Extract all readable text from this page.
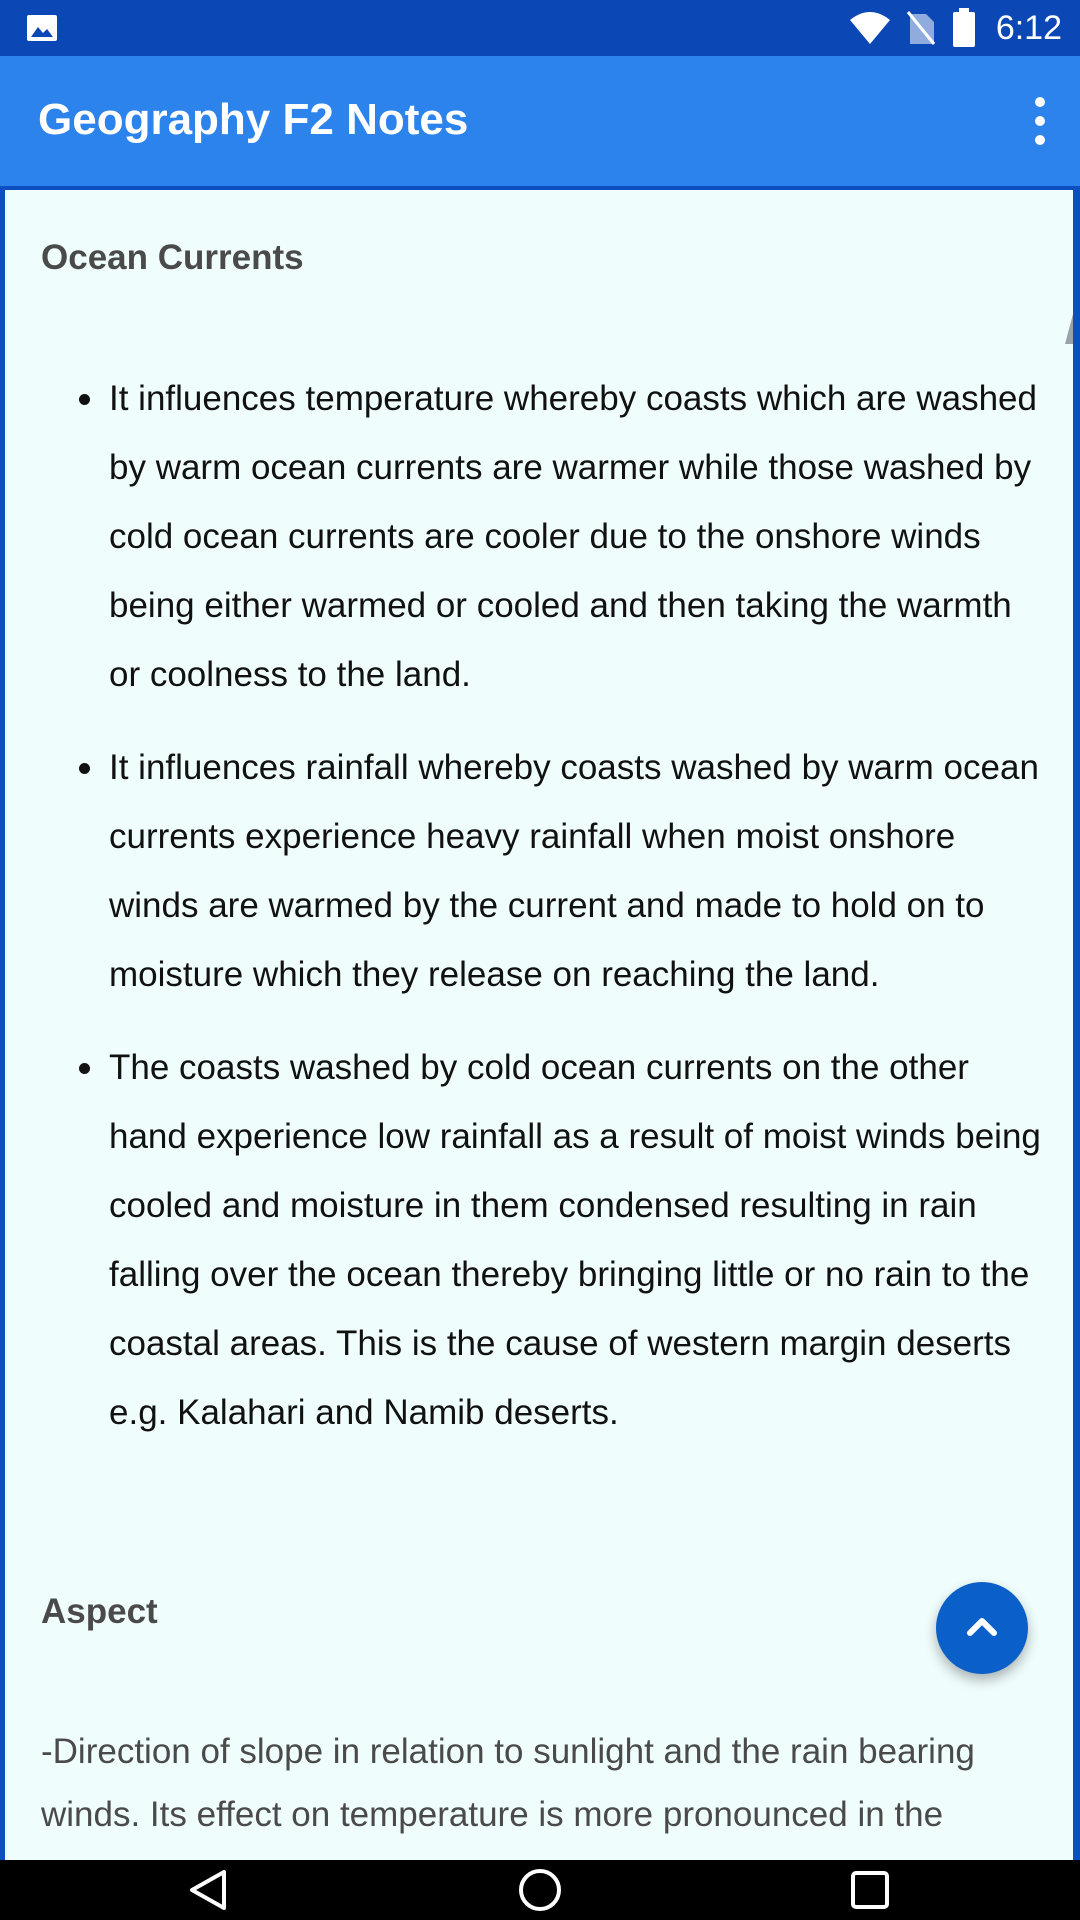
6:12
Geography F2 Notes
Ocean Currents
It influences temperature whereby coasts which are washed by warm ocean currents are warmer while those washed by cold ocean currents are cooler due to the onshore winds being either warmed or cooled and then taking the warmth or coolness to the land.
It influences rainfall whereby coasts washed by warm ocean currents experience heavy rainfall when moist onshore winds are warmed by the current and made to hold on to moisture which they release on reaching the land.
The coasts washed by cold ocean currents on the other hand experience low rainfall as a result of moist winds being cooled and moisture in them condensed resulting in rain falling over the ocean thereby bringing little or no rain to the coastal areas. This is the cause of western margin deserts e.g. Kalahari and Namib deserts.
Aspect

-Direction of slope in relation to sunlight and the rain bearing winds. Its effect on temperature is more pronounced in the
